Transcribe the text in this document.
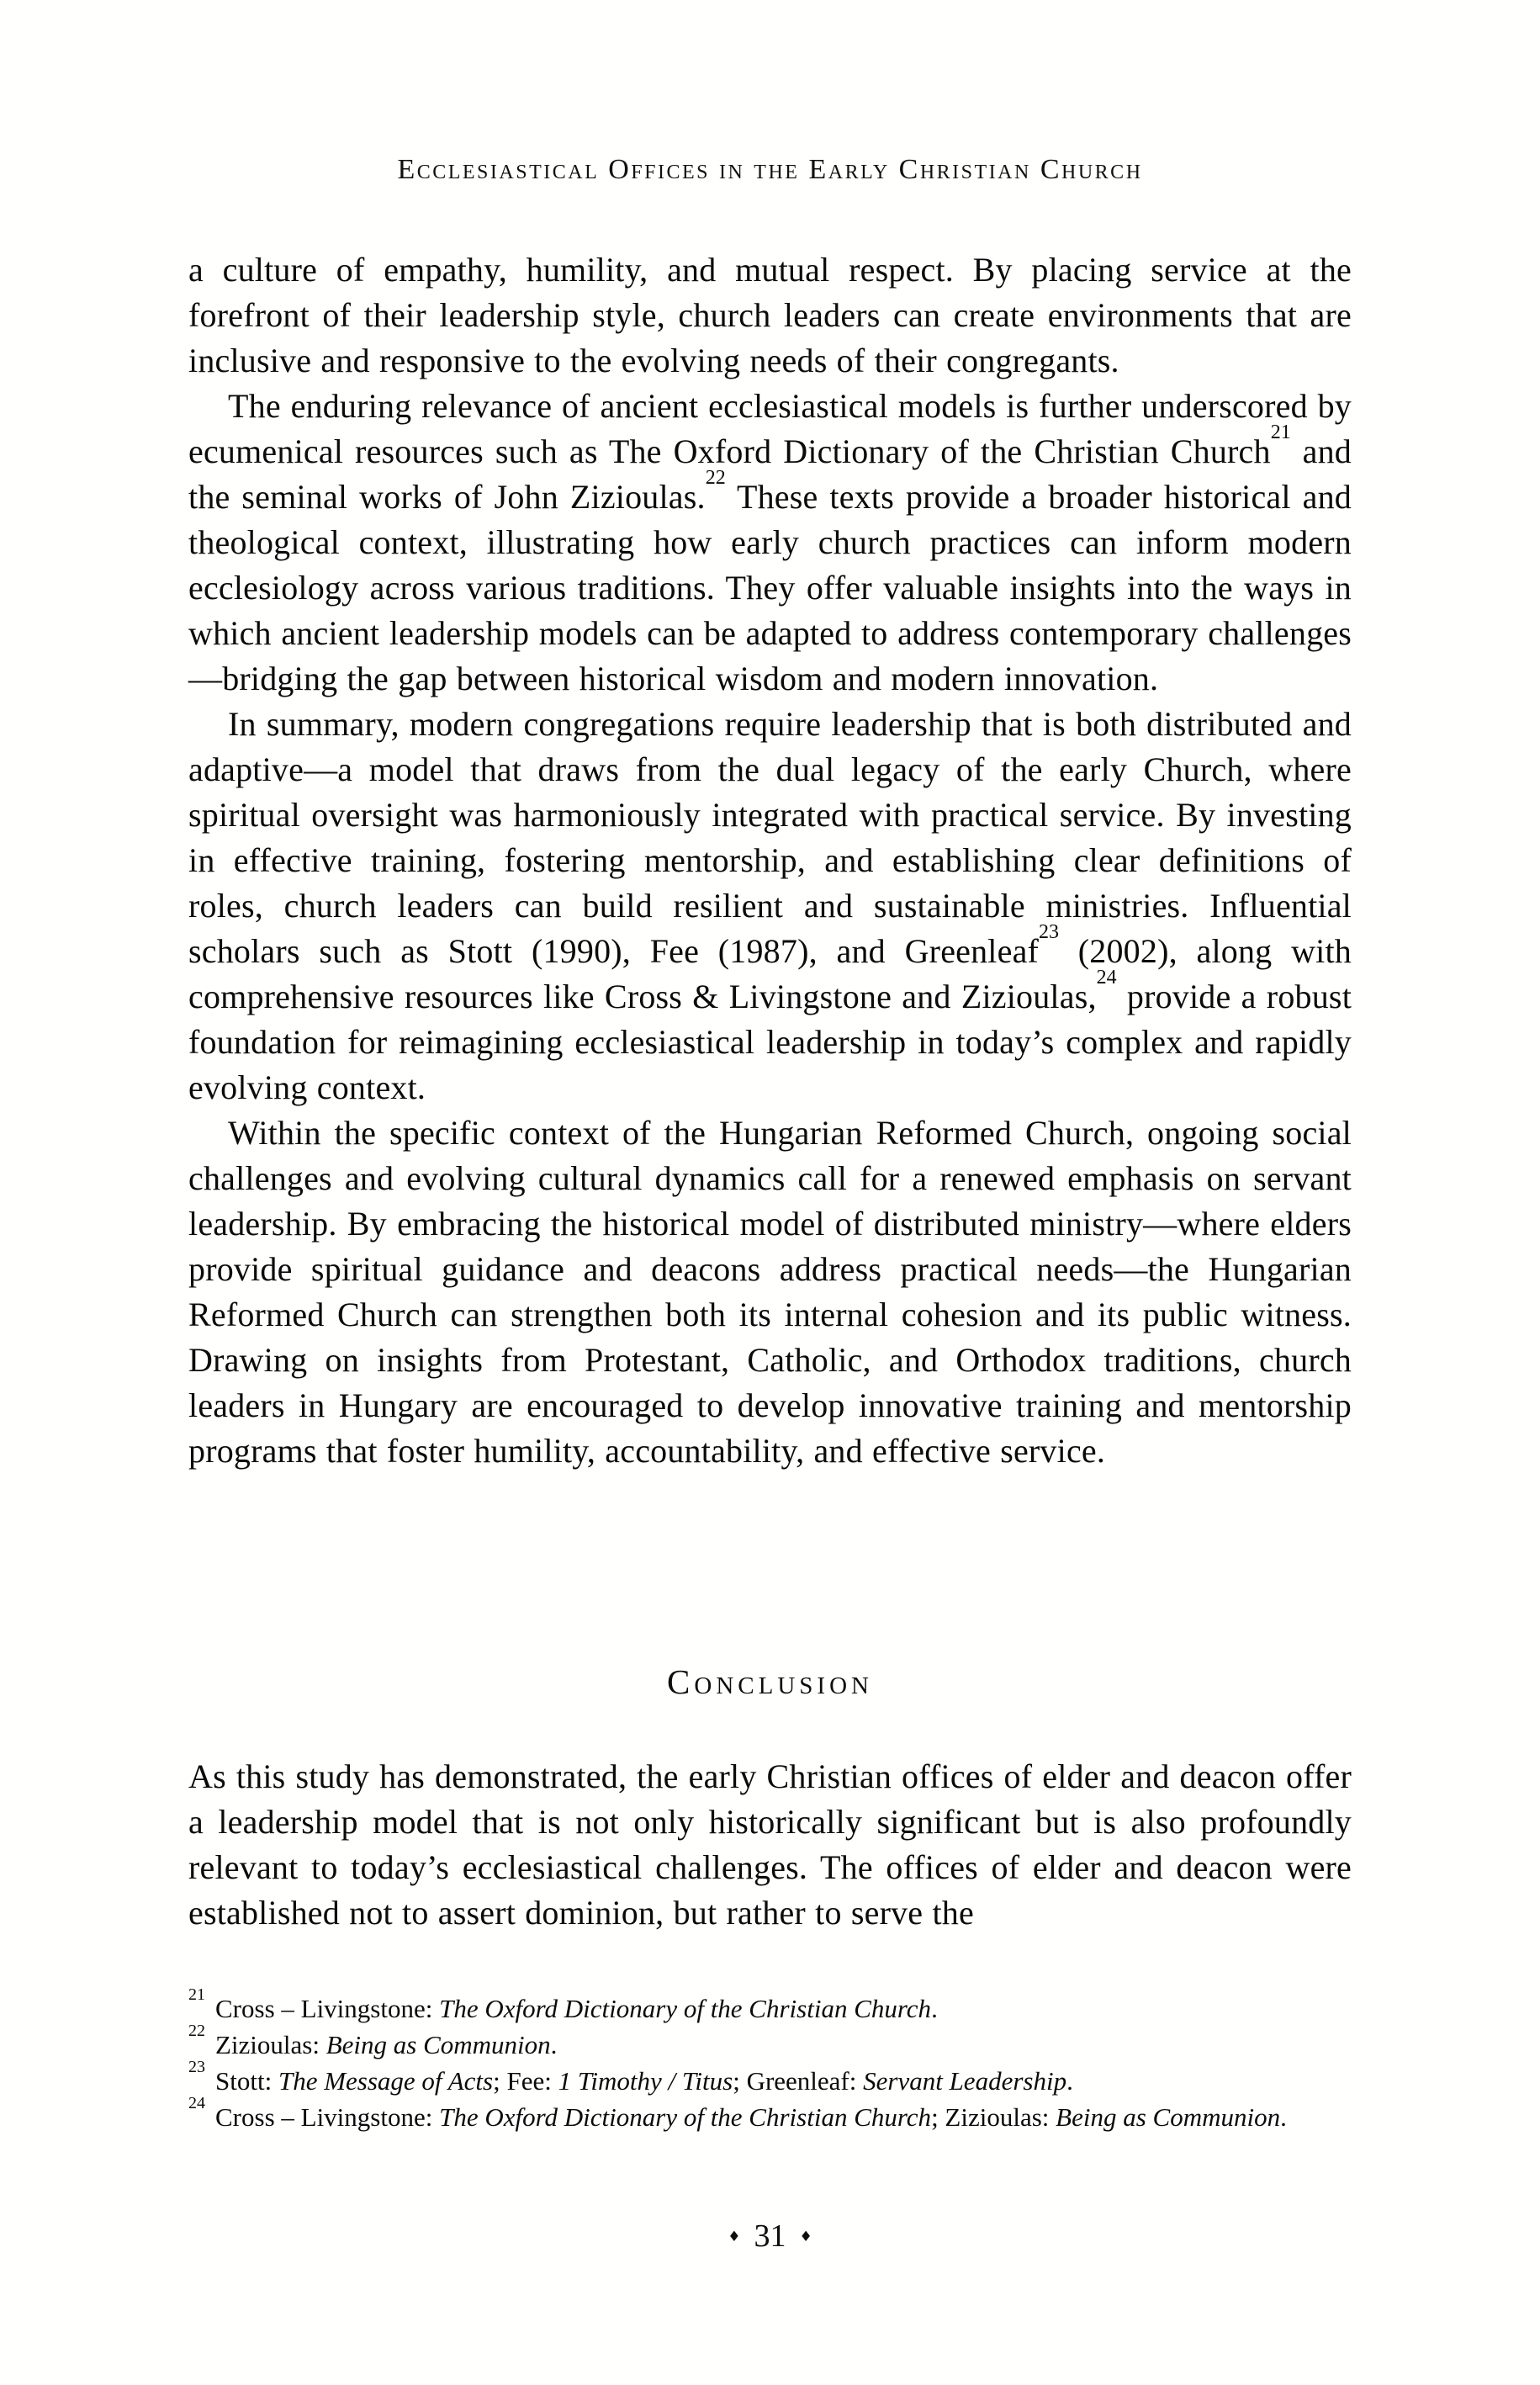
Ecclesiastical Offices in the Early Christian Church

a culture of empathy, humility, and mutual respect. By placing service at the forefront of their leadership style, church leaders can create environments that are inclusive and responsive to the evolving needs of their congregants.

The enduring relevance of ancient ecclesiastical models is further underscored by ecumenical resources such as The Oxford Dictionary of the Christian Church$^{21}$ and the seminal works of John Zizioulas.$^{22}$ These texts provide a broader historical and theological context, illustrating how early church practices can inform modern ecclesiology across various traditions. They offer valuable insights into the ways in which ancient leadership models can be adapted to address contemporary challenges—bridging the gap between historical wisdom and modern innovation.

In summary, modern congregations require leadership that is both distributed and adaptive—a model that draws from the dual legacy of the early Church, where spiritual oversight was harmoniously integrated with practical service. By investing in effective training, fostering mentorship, and establishing clear definitions of roles, church leaders can build resilient and sustainable ministries. Influential scholars such as Stott (1990), Fee (1987), and Greenleaf$^{23}$ (2002), along with comprehensive resources like Cross & Livingstone and Zizioulas,$^{24}$ provide a robust foundation for reimagining ecclesiastical leadership in today’s complex and rapidly evolving context.

Within the specific context of the Hungarian Reformed Church, ongoing social challenges and evolving cultural dynamics call for a renewed emphasis on servant leadership. By embracing the historical model of distributed ministry—where elders provide spiritual guidance and deacons address practical needs—the Hungarian Reformed Church can strengthen both its internal cohesion and its public witness. Drawing on insights from Protestant, Catholic, and Orthodox traditions, church leaders in Hungary are encouraged to develop innovative training and mentorship programs that foster humility, accountability, and effective service.

Conclusion

As this study has demonstrated, the early Christian offices of elder and deacon offer a leadership model that is not only historically significant but is also profoundly relevant to today’s ecclesiastical challenges. The offices of elder and deacon were established not to assert dominion, but rather to serve the

$^{21}$ Cross – Livingstone: The Oxford Dictionary of the Christian Church.
$^{22}$ Zizioulas: Being as Communion.
$^{23}$ Stott: The Message of Acts; Fee: 1 Timothy / Titus; Greenleaf: Servant Leadership.
$^{24}$ Cross – Livingstone: The Oxford Dictionary of the Christian Church; Zizioulas: Being as Communion.
♦ 31 ♦
